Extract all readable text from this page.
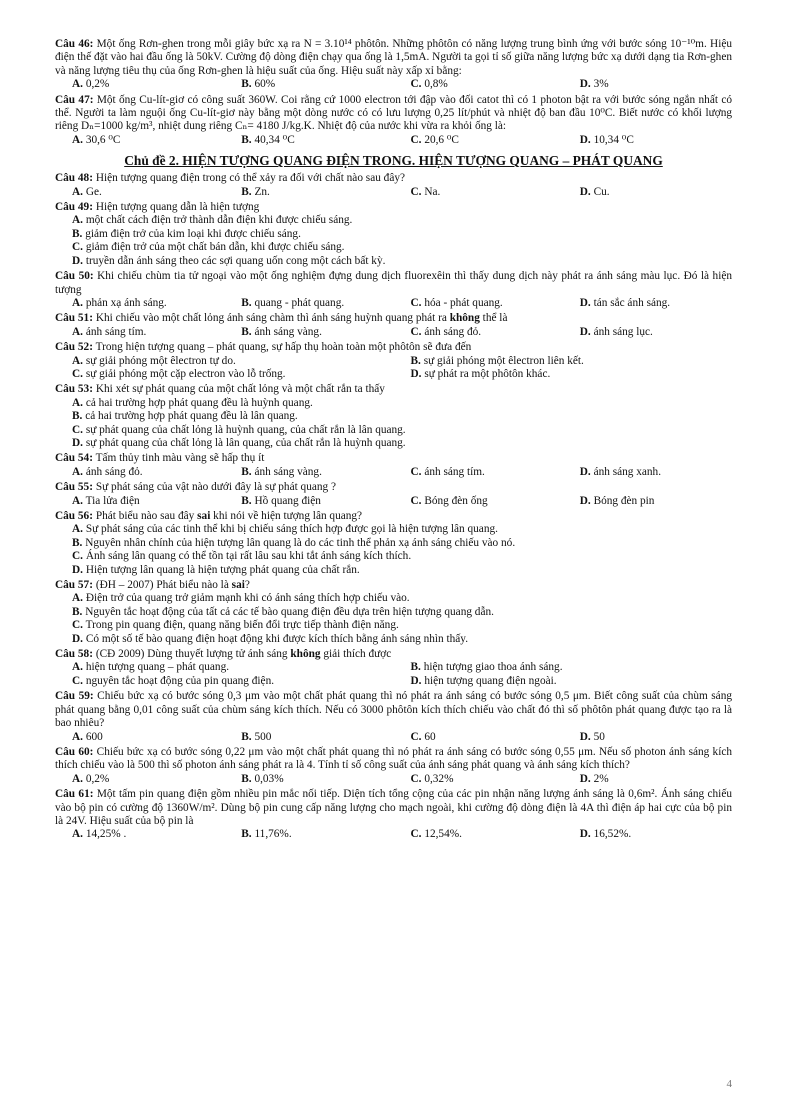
Câu 46: Một ống Rơn-ghen trong mỗi giây bức xạ ra N = 3.10¹⁴ phôtôn. Những phôtôn có năng lượng trung bình ứng với bước sóng 10⁻¹⁰m. Hiệu điện thế đặt vào hai đầu ống là 50kV. Cường độ dòng điện chạy qua ống là 1,5mA. Người ta gọi tỉ số giữa năng lượng bức xạ dưới dạng tia Rơn-ghen và năng lượng tiêu thụ của ống Rơn-ghen là hiệu suất của ống. Hiệu suất này xấp xỉ bằng:
A. 0,2%	B. 60%	C. 0,8%	D. 3%
Câu 47: Một ống Cu-lít-giơ có công suất 360W. Coi rằng cứ 1000 electron tới đập vào đối catot thì có 1 photon bật ra với bước sóng ngắn nhất có thể. Người ta làm nguội ống Cu-lít-giơ này bằng một dòng nước có có lưu lượng 0,25 lít/phút và nhiệt độ ban đầu 10⁰C. Biết nước có khối lượng riêng Dₙ=1000 kg/m³, nhiệt dung riêng Cₙ= 4180 J/kg.K. Nhiệt độ của nước khi vừa ra khỏi ống là:
A. 30,6 ⁰C	B. 40,34 ⁰C	C. 20,6 ⁰C	D. 10,34 ⁰C
Chủ đề 2. HIỆN TƯỢNG QUANG ĐIỆN TRONG. HIỆN TƯỢNG QUANG – PHÁT QUANG
Câu 48: Hiện tượng quang điện trong có thể xảy ra đối với chất nào sau đây?
A. Ge.	B. Zn.	C. Na.	D. Cu.
Câu 49: Hiện tượng quang dẫn là hiện tượng
A. một chất cách điện trở thành dẫn điện khi được chiếu sáng.
B. giảm điện trở của kim loại khi được chiếu sáng.
C. giảm điện trở của một chất bán dẫn, khi được chiếu sáng.
D. truyền dẫn ánh sáng theo các sợi quang uốn cong một cách bất kỳ.
Câu 50: Khi chiếu chùm tia tử ngoại vào một ống nghiệm đựng dung dịch fluorexêin thì thấy dung dịch này phát ra ánh sáng màu lục. Đó là hiện tượng
A. phản xạ ánh sáng.	B. quang - phát quang.	C. hóa - phát quang.	D. tán sắc ánh sáng.
Câu 51: Khi chiếu vào một chất lỏng ánh sáng chàm thì ánh sáng huỳnh quang phát ra không thể là
A. ánh sáng tím.	B. ánh sáng vàng.	C. ánh sáng đỏ.	D. ánh sáng lục.
Câu 52: Trong hiện tượng quang – phát quang, sự hấp thụ hoàn toàn một phôtôn sẽ đưa đến
A. sự giải phóng một êlectron tự do.	B. sự giải phóng một êlectron liên kết.
C. sự giải phóng một cặp electron vào lỗ trống.	D. sự phát ra một phôtôn khác.
Câu 53: Khi xét sự phát quang của một chất lỏng và một chất rắn ta thấy
A. cả hai trường hợp phát quang đều là huỳnh quang.
B. cả hai trường hợp phát quang đều là lân quang.
C. sự phát quang của chất lỏng là huỳnh quang, của chất rắn là lân quang.
D. sự phát quang của chất lỏng là lân quang, của chất rắn là huỳnh quang.
Câu 54: Tấm thủy tinh màu vàng sẽ hấp thụ ít
A. ánh sáng đỏ.	B. ánh sáng vàng.	C. ánh sáng tím.	D. ánh sáng xanh.
Câu 55: Sự phát sáng của vật nào dưới đây là sự phát quang ?
A. Tia lửa điện	B. Hồ quang điện	C. Bóng đèn ống	D. Bóng đèn pin
Câu 56: Phát biểu nào sau đây sai khi nói về hiện tượng lân quang?
A. Sự phát sáng của các tinh thể khi bị chiếu sáng thích hợp được gọi là hiện tượng lân quang.
B. Nguyên nhân chính của hiện tượng lân quang là do các tinh thể phản xạ ánh sáng chiếu vào nó.
C. Ánh sáng lân quang có thể tồn tại rất lâu sau khi tắt ánh sáng kích thích.
D. Hiện tượng lân quang là hiện tượng phát quang của chất rắn.
Câu 57: (ĐH – 2007) Phát biểu nào là sai?
A. Điện trở của quang trở giảm mạnh khi có ánh sáng thích hợp chiếu vào.
B. Nguyên tắc hoạt động của tất cả các tế bào quang điện đều dựa trên hiện tượng quang dẫn.
C. Trong pin quang điện, quang năng biến đổi trực tiếp thành điện năng.
D. Có một số tế bào quang điện hoạt động khi được kích thích bằng ánh sáng nhìn thấy.
Câu 58: (CĐ 2009) Dùng thuyết lượng tử ánh sáng không giải thích được
A. hiện tượng quang – phát quang.	B. hiện tượng giao thoa ánh sáng.
C. nguyên tắc hoạt động của pin quang điện.	D. hiện tượng quang điện ngoài.
Câu 59: Chiếu bức xạ có bước sóng 0,3 μm vào một chất phát quang thì nó phát ra ánh sáng có bước sóng 0,5 μm. Biết công suất của chùm sáng phát quang bằng 0,01 công suất của chùm sáng kích thích. Nếu có 3000 phôtôn kích thích chiếu vào chất đó thì số phôtôn phát quang được tạo ra là bao nhiêu?
A. 600	B. 500	C. 60	D. 50
Câu 60: Chiếu bức xạ có bước sóng 0,22 μm vào một chất phát quang thì nó phát ra ánh sáng có bước sóng 0,55 μm. Nếu số photon ánh sáng kích thích chiếu vào là 500 thì số photon ánh sáng phát ra là 4. Tính tỉ số công suất của ánh sáng phát quang và ánh sáng kích thích?
A. 0,2%	B. 0,03%	C. 0,32%	D. 2%
Câu 61: Một tấm pin quang điện gồm nhiều pin mắc nối tiếp. Diện tích tổng cộng của các pin nhận năng lượng ánh sáng là 0,6m². Ánh sáng chiếu vào bộ pin có cường độ 1360W/m². Dùng bộ pin cung cấp năng lượng cho mạch ngoài, khi cường độ dòng điện là 4A thì điện áp hai cực của bộ pin là 24V. Hiệu suất của bộ pin là
A. 14,25% .	B. 11,76%.	C. 12,54%.	D. 16,52%.
4
